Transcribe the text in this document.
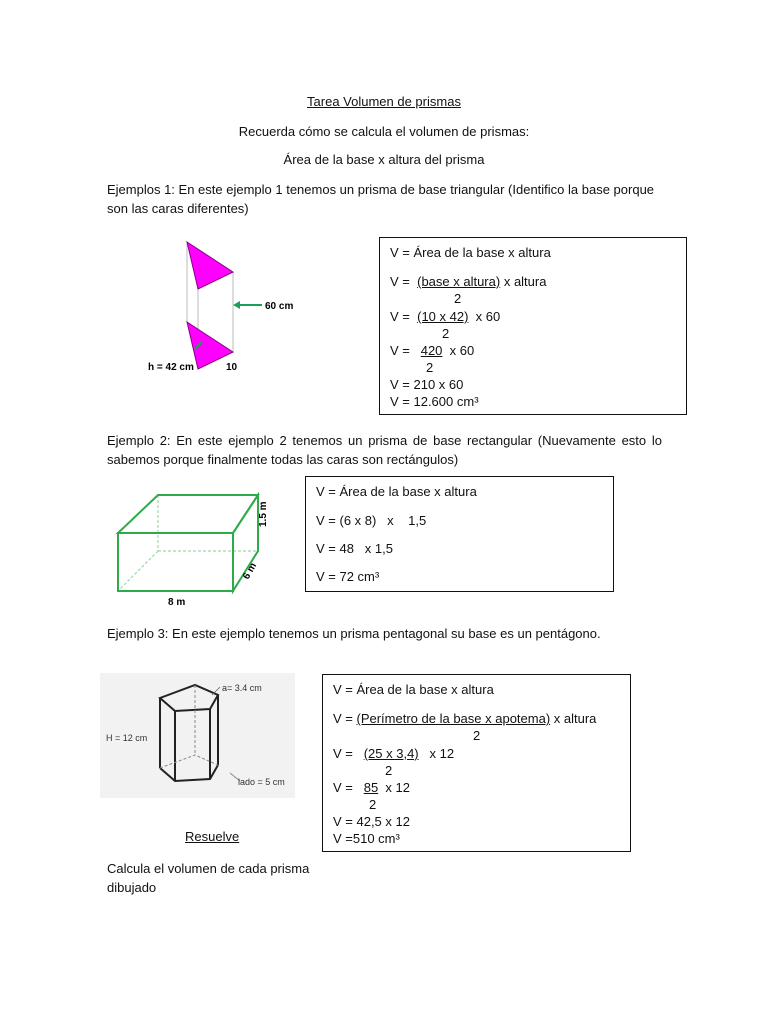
Tarea Volumen de prismas
Recuerda cómo se calcula el volumen de prismas:
Área de la base x altura del prisma
Ejemplos 1: En este ejemplo 1 tenemos un prisma de base triangular (Identifico la base porque son las caras diferentes)
60 cm
h = 42 cm	10
V = Área de la base x altura
V = (base x altura) x altura
2
V = (10 x 42) x 60
2
V = 420 x 60
2
V = 210 x 60
V = 12.600 cm³
Ejemplo 2: En este ejemplo 2 tenemos un prisma de base rectangular (Nuevamente esto lo sabemos porque finalmente todas las caras son rectángulos)
1.5 m
6 m
8 m
V = Área de la base x altura
V = (6 x 8)   x    1,5
V = 48   x 1,5
V = 72 cm³
Ejemplo 3: En este ejemplo tenemos un prisma pentagonal su base es un pentágono.
a= 3.4 cm
H = 12 cm
lado = 5 cm
V = Área de la base x altura
V = (Perímetro de la base x apotema) x altura
2
V = (25 x 3,4) x 12
2
V = 85 x 12
2
V = 42,5 x 12
V =510 cm³
Resuelve
Calcula el volumen de cada prisma dibujado
